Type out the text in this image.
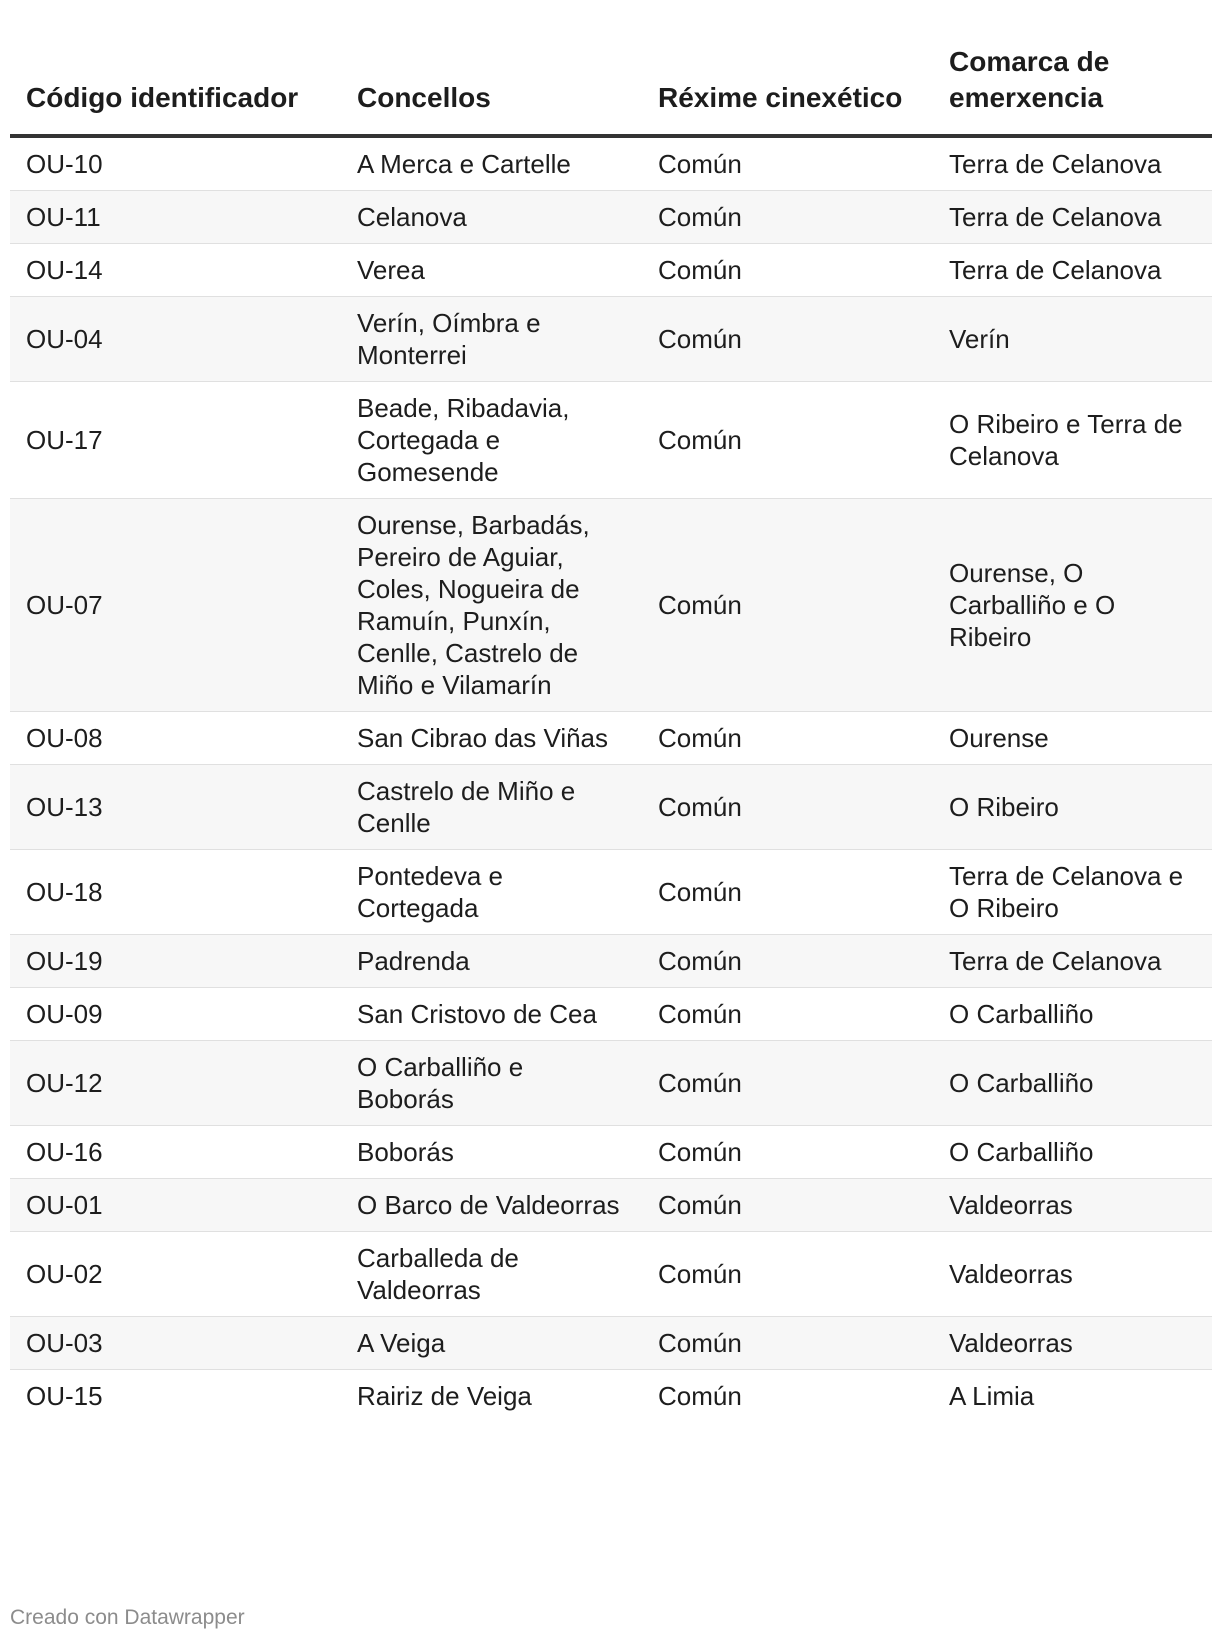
Código identificador	Concellos	Réxime cinexético	Comarca de emerxencia
OU-10	A Merca e Cartelle	Común	Terra de Celanova
OU-11	Celanova	Común	Terra de Celanova
OU-14	Verea	Común	Terra de Celanova
OU-04	Verín, Oímbra e Monterrei	Común	Verín
OU-17	Beade, Ribadavia, Cortegada e Gomesende	Común	O Ribeiro e Terra de Celanova
OU-07	Ourense, Barbadás, Pereiro de Aguiar, Coles, Nogueira de Ramuín, Punxín, Cenlle, Castrelo de Miño e Vilamarín	Común	Ourense, O Carballiño e O Ribeiro
OU-08	San Cibrao das Viñas	Común	Ourense
OU-13	Castrelo de Miño e Cenlle	Común	O Ribeiro
OU-18	Pontedeva e Cortegada	Común	Terra de Celanova e O Ribeiro
OU-19	Padrenda	Común	Terra de Celanova
OU-09	San Cristovo de Cea	Común	O Carballiño
OU-12	O Carballiño e Boborás	Común	O Carballiño
OU-16	Boborás	Común	O Carballiño
OU-01	O Barco de Valdeorras	Común	Valdeorras
OU-02	Carballeda de Valdeorras	Común	Valdeorras
OU-03	A Veiga	Común	Valdeorras
OU-15	Rairiz de Veiga	Común	A Limia
Creado con Datawrapper
